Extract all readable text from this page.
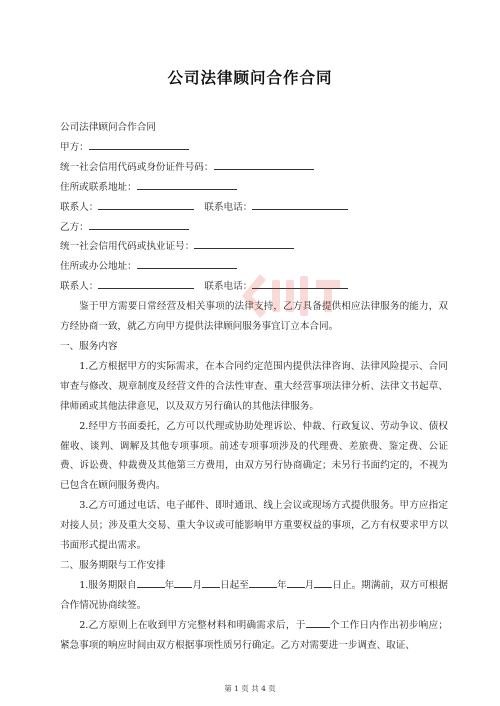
公司法律顾问合作合同
公司法律顾问合作合同
甲方：
统一社会信用代码或身份证件号码：
住所或联系地址：
联系人：	联系电话：
乙方：
统一社会信用代码或执业证号：
住所或办公地址：
联系人：	联系电话：
鉴于甲方需要日常经营及相关事项的法律支持，乙方具备提供相应法律服务的能力，双方经协商一致，就乙方向甲方提供法律顾问服务事宜订立本合同。
一、服务内容
1.乙方根据甲方的实际需求，在本合同约定范围内提供法律咨询、法律风险提示、合同审查与修改、规章制度及经营文件的合法性审查、重大经营事项法律分析、法律文书起草、律师函或其他法律意见，以及双方另行确认的其他法律服务。
2.经甲方书面委托，乙方可以代理或协助处理诉讼、仲裁、行政复议、劳动争议、债权催收、谈判、调解及其他专项事项。前述专项事项涉及的代理费、差旅费、鉴定费、公证费、诉讼费、仲裁费及其他第三方费用，由双方另行协商确定；未另行书面约定的，不视为已包含在顾问服务费内。
3.乙方可通过电话、电子邮件、即时通讯、线上会议或现场方式提供服务。甲方应指定对接人员；涉及重大交易、重大争议或可能影响甲方重要权益的事项，乙方有权要求甲方以书面形式提出需求。
二、服务期限与工作安排
1.服务期限自	年 月 日起至	年 月 日止。期满前，双方可根据合作情况协商续签。
2.乙方原则上在收到甲方完整材料和明确需求后，于	个工作日内作出初步响应；紧急事项的响应时间由双方根据事项性质另行确定。乙方对需要进一步调查、取证、
第 1 页 共 4 页
